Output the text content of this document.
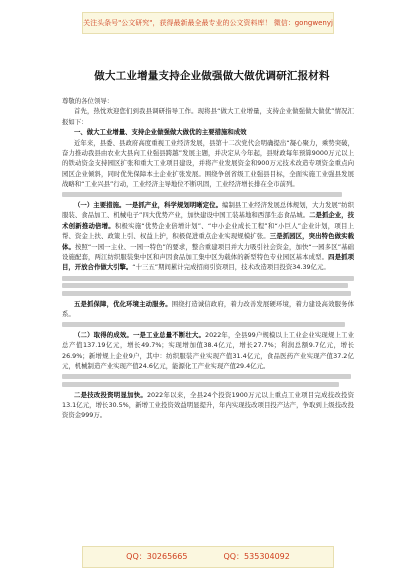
关注头条号"公文研究"，获得最新最全最专业的公文资料库！ 微信：gongwenyj
做大工业增量支持企业做强做大做优调研汇报材料

尊敬的各位领导：

首先，热忱欢迎您们到我县调研指导工作。现将县“做大工业增量，支持企业做强做大做优”情况汇报如下：

一、做大工业增量、支持企业做强做大做优的主要措施和成效

近年来，县委、县政府高度重视工业经济发展，县第十二次党代会明确提出“凝心聚力，乘势突破，奋力推动我县由农业大县向工业强县跨越”发展主题，并决定从今年起，县财政每年预算9000万元以上的铁动资金支持园区扩张和重大工业项目建设，并将产业发展资金和900万元技术改造专项资金重点向园区企业倾斜，同时优先保障本土企业扩张发展。围绕争创省级工业强县目标，全面实施工业强县发展战略和“工业兴县”行动，工业经济主导地位不断巩固，工业经济增长排在全市前列。

（一）主要措施。一是抓产业，科学规划明晰定位。编制县工业经济发展总体规划，大力发展“纺织服装、食品加工、机械电子”四大优势产业，加快建设中国工装基地和西部生态食品城。二是抓企业，技术创新推动倍增。积极实施“优势企业倍增计划”、“中小企业成长工程”和“小巨人”企业计划，项目上帮、资金上扶、政策上引、权益上护，积极促进重点企业实现规模扩张。三是抓园区，突出特色做实载体。按照“一园一主业、一园一特色”的要求，整合重建项目并大力吸引社会资金，加快“一园多区”基础设施配套，两江纺织服装集中区和声因食品加工集中区为载体的新型特色专业园区基本成型。四是抓项目，开放合作做大引擎。“十三五”期间累计完成招商引资项目，技术改造项目投资34.39亿元。

五是抓保障，优化环境主动服务。围绕打造诚信政府，着力改善发展硬环境，着力建设高效服务体系。

（二）取得的成效。一是工业总量不断壮大。2022年，全县99户规模以上工业企业实现规上工业总产值137.19亿元，增长49.7%；实现增加值38.4亿元，增长27.7%；利润总额9.7亿元，增长26.9%；新增规上企业9户，其中：纺织服装产业实现产值31.4亿元，食品医药产业实现产值37.2亿元，机械制造产业实现产值24.6亿元，能源化工产业实现产值29.4亿元。

二是技改投资明显加快。2022年以来，全县24个投资1900万元以上重点工业项目完成技改投资13.1亿元，增长30.5%，新增工业投资效益明显提升，年内实现技改项目投产达产，争取到上级技改投资资金999万。

QQ：30265665	QQ：535304092
